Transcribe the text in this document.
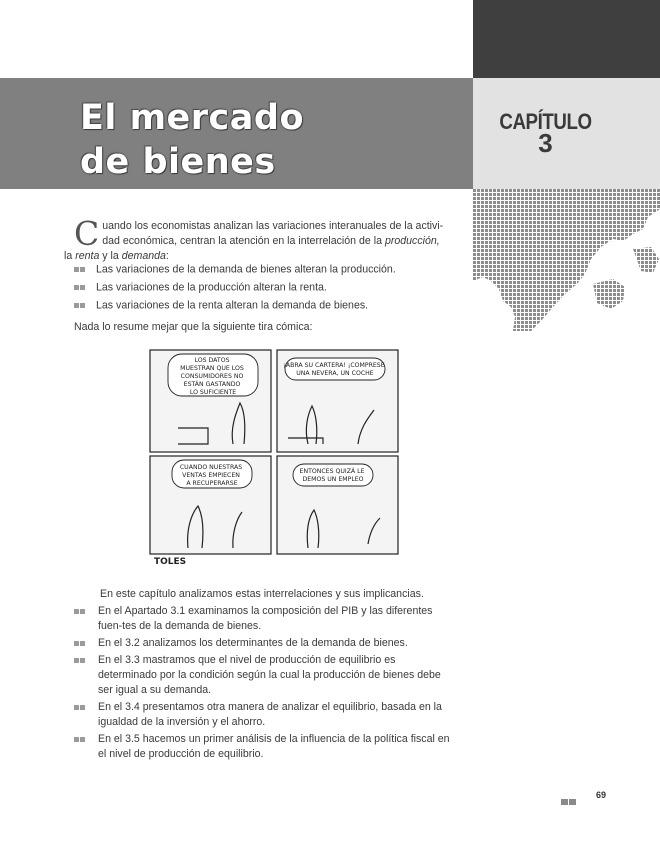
El mercado
de bienes
CAPÍTULO
3

Cuando los economistas analizan las variaciones interanuales de la activi-dad económica, centran la atención en la interrelación de la producción, la renta y la demanda:

Las variaciones de la demanda de bienes alteran la producción.
Las variaciones de la producción alteran la renta.
Las variaciones de la renta alteran la demanda de bienes.
Nada lo resume mejar que la siguiente tira cómica:
LOS DATOS MUESTRAN QUE LOS CONSUMIDORES NO ESTÁN GASTANDO LO SUFICIENTE
¡ABRA SU CARTERA! ¡COMPRESE UNA NEVERA, UN COCHE
CUANDO NUESTRAS VENTAS EMPIECEN A RECUPERARSE
ENTONCES QUIZÁ LE DEMOS UN EMPLEO
TOLES
En este capítulo analizamos estas interrelaciones y sus implicancias.
En el Apartado 3.1 examinamos la composición del PIB y las diferentes fuen-tes de la demanda de bienes.
En el 3.2 analizamos los determinantes de la demanda de bienes.
En el 3.3 mastramos que el nivel de producción de equilibrio es determinado por la condición según la cual la producción de bienes debe ser igual a su demanda.
En el 3.4 presentamos otra manera de analizar el equilibrio, basada en la igualdad de la inversión y el ahorro.
En el 3.5 hacemos un primer análisis de la influencia de la política fiscal en el nivel de producción de equilibrio.
69
